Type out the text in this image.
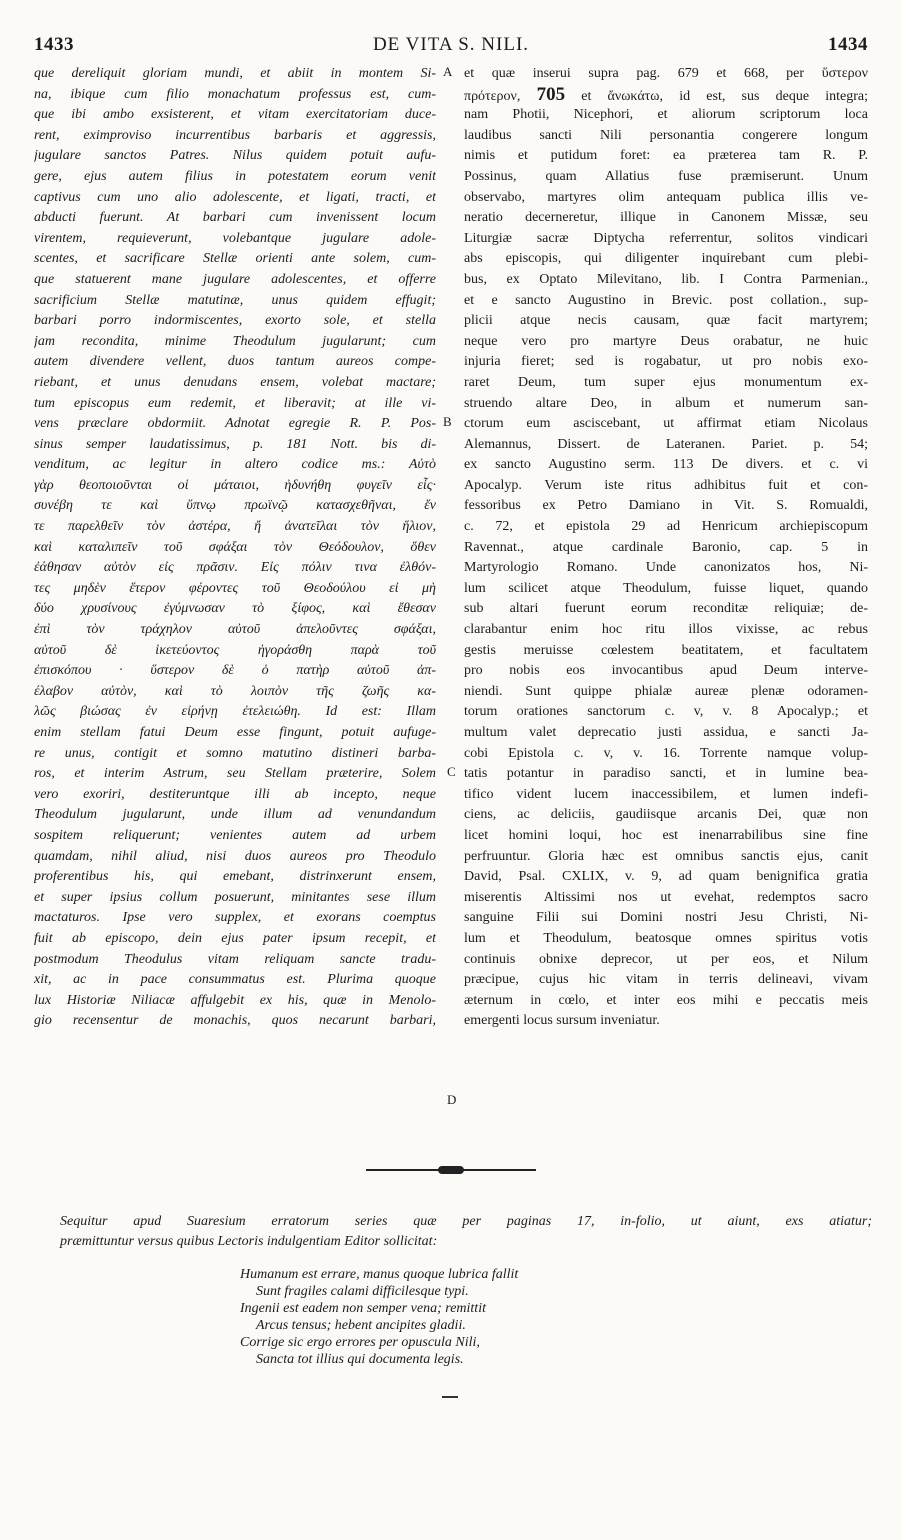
1433	DE VITA S. NILI.	1434
que dereliquit gloriam mundi, et abiit in montem Si-
na, ibique cum filio monachatum professus est, cum-
que ibi ambo exsisterent, et vitam exercitatoriam duce-
rent, eximproviso incurrentibus barbaris et aggressis,
jugulare sanctos Patres. Nilus quidem potuit aufu-
gere, ejus autem filius in potestatem eorum venit
captivus cum uno alio adolescente, et ligati, tracti, et
abducti fuerunt. At barbari cum invenissent locum
virentem, requieverunt, volebantque jugulare adole-
scentes, et sacrificare Stellæ orienti ante solem, cum-
que statuerent mane jugulare adolescentes, et offerre
sacrificium Stellæ matutinæ, unus quidem effugit;
barbari porro indormiscentes, exorto sole, et stella
jam recondita, minime Theodulum jugularunt; cum
autem divendere vellent, duos tantum aureos compe-
riebant, et unus denudans ensem, volebat mactare;
tum episcopus eum redemit, et liberavit; at ille vi-
vens præclare obdormiit. Adnotat egregie R. P. Pos-
sinus semper laudatissimus, p. 181 Nott. bis di-
venditum, ac legitur in altero codice ms.: Αὐτὸ
γὰρ θεοποιοῦνται οἱ μάταιοι, ἠδυνήθη φυγεῖν εἷς·
συνέβη τε καὶ ὕπνῳ πρωϊνῷ κατασχεθῆναι, ἔν
τε παρελθεῖν τὸν ἀστέρα, ἤ ἀνατεῖλαι τὸν ἥλιον,
καὶ καταλιπεῖν τοῦ σφάξαι τὸν Θεόδουλον, ὅθεν
ἐάθησαν αὐτὸν εἰς πρᾶσιν. Εἰς πόλιν τινα ἐλθόν-
τες μηδὲν ἕτερον φέροντες τοῦ Θεοδούλου εἰ μὴ
δύο χρυσίνους ἐγύμνωσαν τὸ ξίφος, καὶ ἔθεσαν
ἐπὶ τὸν τράχηλον αὐτοῦ ἀπελοῦντες σφάξαι,
αὐτοῦ δὲ ἱκετεύοντος ἠγοράσθη παρὰ τοῦ
ἐπισκόπου · ὕστερον δὲ ὁ πατὴρ αὐτοῦ ἀπ-
έλαβον αὐτὸν, καὶ τὸ λοιπὸν τῆς ζωῆς κα-
λῶς βιώσας ἐν εἰρήνῃ ἐτελειώθη. Id est: Illam
enim stellam fatui Deum esse fingunt, potuit aufuge-
re unus, contigit et somno matutino distineri barba-
ros, et interim Astrum, seu Stellam præterire, Solem
vero exoriri, destiteruntque illi ab incepto, neque
Theodulum jugularunt, unde illum ad venundandum
sospitem reliquerunt; venientes autem ad urbem
quamdam, nihil aliud, nisi duos aureos pro Theodulo
proferentibus his, qui emebant, distrinxerunt ensem,
et super ipsius collum posuerunt, minitantes sese illum
mactaturos. Ipse vero supplex, et exorans coemptus
fuit ab episcopo, dein ejus pater ipsum recepit, et
postmodum Theodulus vitam reliquam sancte tradu-
xit, ac in pace consummatus est. Plurima quoque
lux Historiæ Niliacæ affulgebit ex his, quæ in Menolo-
gio recensentur de monachis, quos necarunt barbari,
et quæ inserui supra pag. 679 et 668, per ὕστερον
πρότερον, 705 et ἄνωκάτω, id est, sus deque integra;
nam Photii, Nicephori, et aliorum scriptorum loca
laudibus sancti Nili personantia congerere longum
nimis et putidum foret: ea præterea tam R. P.
Possinus, quam Allatius fuse præmiserunt. Unum
observabo, martyres olim antequam publica illis ve-
neratio decerneretur, illique in Canonem Missæ, seu
Liturgiæ sacræ Diptycha referrentur, solitos vindicari
abs episcopis, qui diligenter inquirebant cum plebi-
bus, ex Optato Milevitano, lib. I Contra Parmenian.,
et e sancto Augustino in Brevic. post collation., sup-
plicii atque necis causam, quæ facit martyrem;
neque vero pro martyre Deus orabatur, ne huic
injuria fieret; sed is rogabatur, ut pro nobis exo-
raret Deum, tum super ejus monumentum ex-
struendo altare Deo, in album et numerum san-
ctorum eum asciscebant, ut affirmat etiam Nicolaus
Alemannus, Dissert. de Lateranen. Pariet. p. 54;
ex sancto Augustino serm. 113 De divers. et c. vi
Apocalyp. Verum iste ritus adhibitus fuit et con-
fessoribus ex Petro Damiano in Vit. S. Romualdi,
c. 72, et epistola 29 ad Henricum archiepiscopum
Ravennat., atque cardinale Baronio, cap. 5 in
Martyrologio Romano. Unde canonizatos hos, Ni-
lum scilicet atque Theodulum, fuisse liquet, quando
sub altari fuerunt eorum reconditæ reliquiæ; de-
clarabantur enim hoc ritu illos vixisse, ac rebus
gestis meruisse cœlestem beatitatem, et facultatem
pro nobis eos invocantibus apud Deum interve-
niendi. Sunt quippe phialæ aureæ plenæ odoramen-
torum orationes sanctorum c. v, v. 8 Apocalyp.; et
multum valet deprecatio justi assidua, e sancti Ja-
cobi Epistola c. v, v. 16. Torrente namque volup-
tatis potantur in paradiso sancti, et in lumine bea-
tifico vident lucem inaccessibilem, et lumen indefi-
ciens, ac deliciis, gaudiisque arcanis Dei, quæ non
licet homini loqui, hoc est inenarrabilibus sine fine
perfruuntur. Gloria hæc est omnibus sanctis ejus, canit
David, Psal. CXLIX, v. 9, ad quam benignifica gratia
miserentis Altissimi nos ut evehat, redemptos sacro
sanguine Filii sui Domini nostri Jesu Christi, Ni-
lum et Theodulum, beatosque omnes spiritus votis
continuis obnixe deprecor, ut per eos, et Nilum
præcipue, cujus hic vitam in terris delineavi, vivam
æternum in cœlo, et inter eos mihi e peccatis meis
emergenti locus sursum inveniatur.
A
B
C
D
Sequitur apud Suaresium erratorum series quæ per paginas 17, in-folio, ut aiunt, exs atiatur;
præmittuntur versus quibus Lectoris indulgentiam Editor sollicitat:
Humanum est errare, manus quoque lubrica fallit
Sunt fragiles calami difficilesque typi.
Ingenii est eadem non semper vena; remittit
Arcus tensus; hebent ancipites gladii.
Corrige sic ergo errores per opuscula Nili,
Sancta tot illius qui documenta legis.
